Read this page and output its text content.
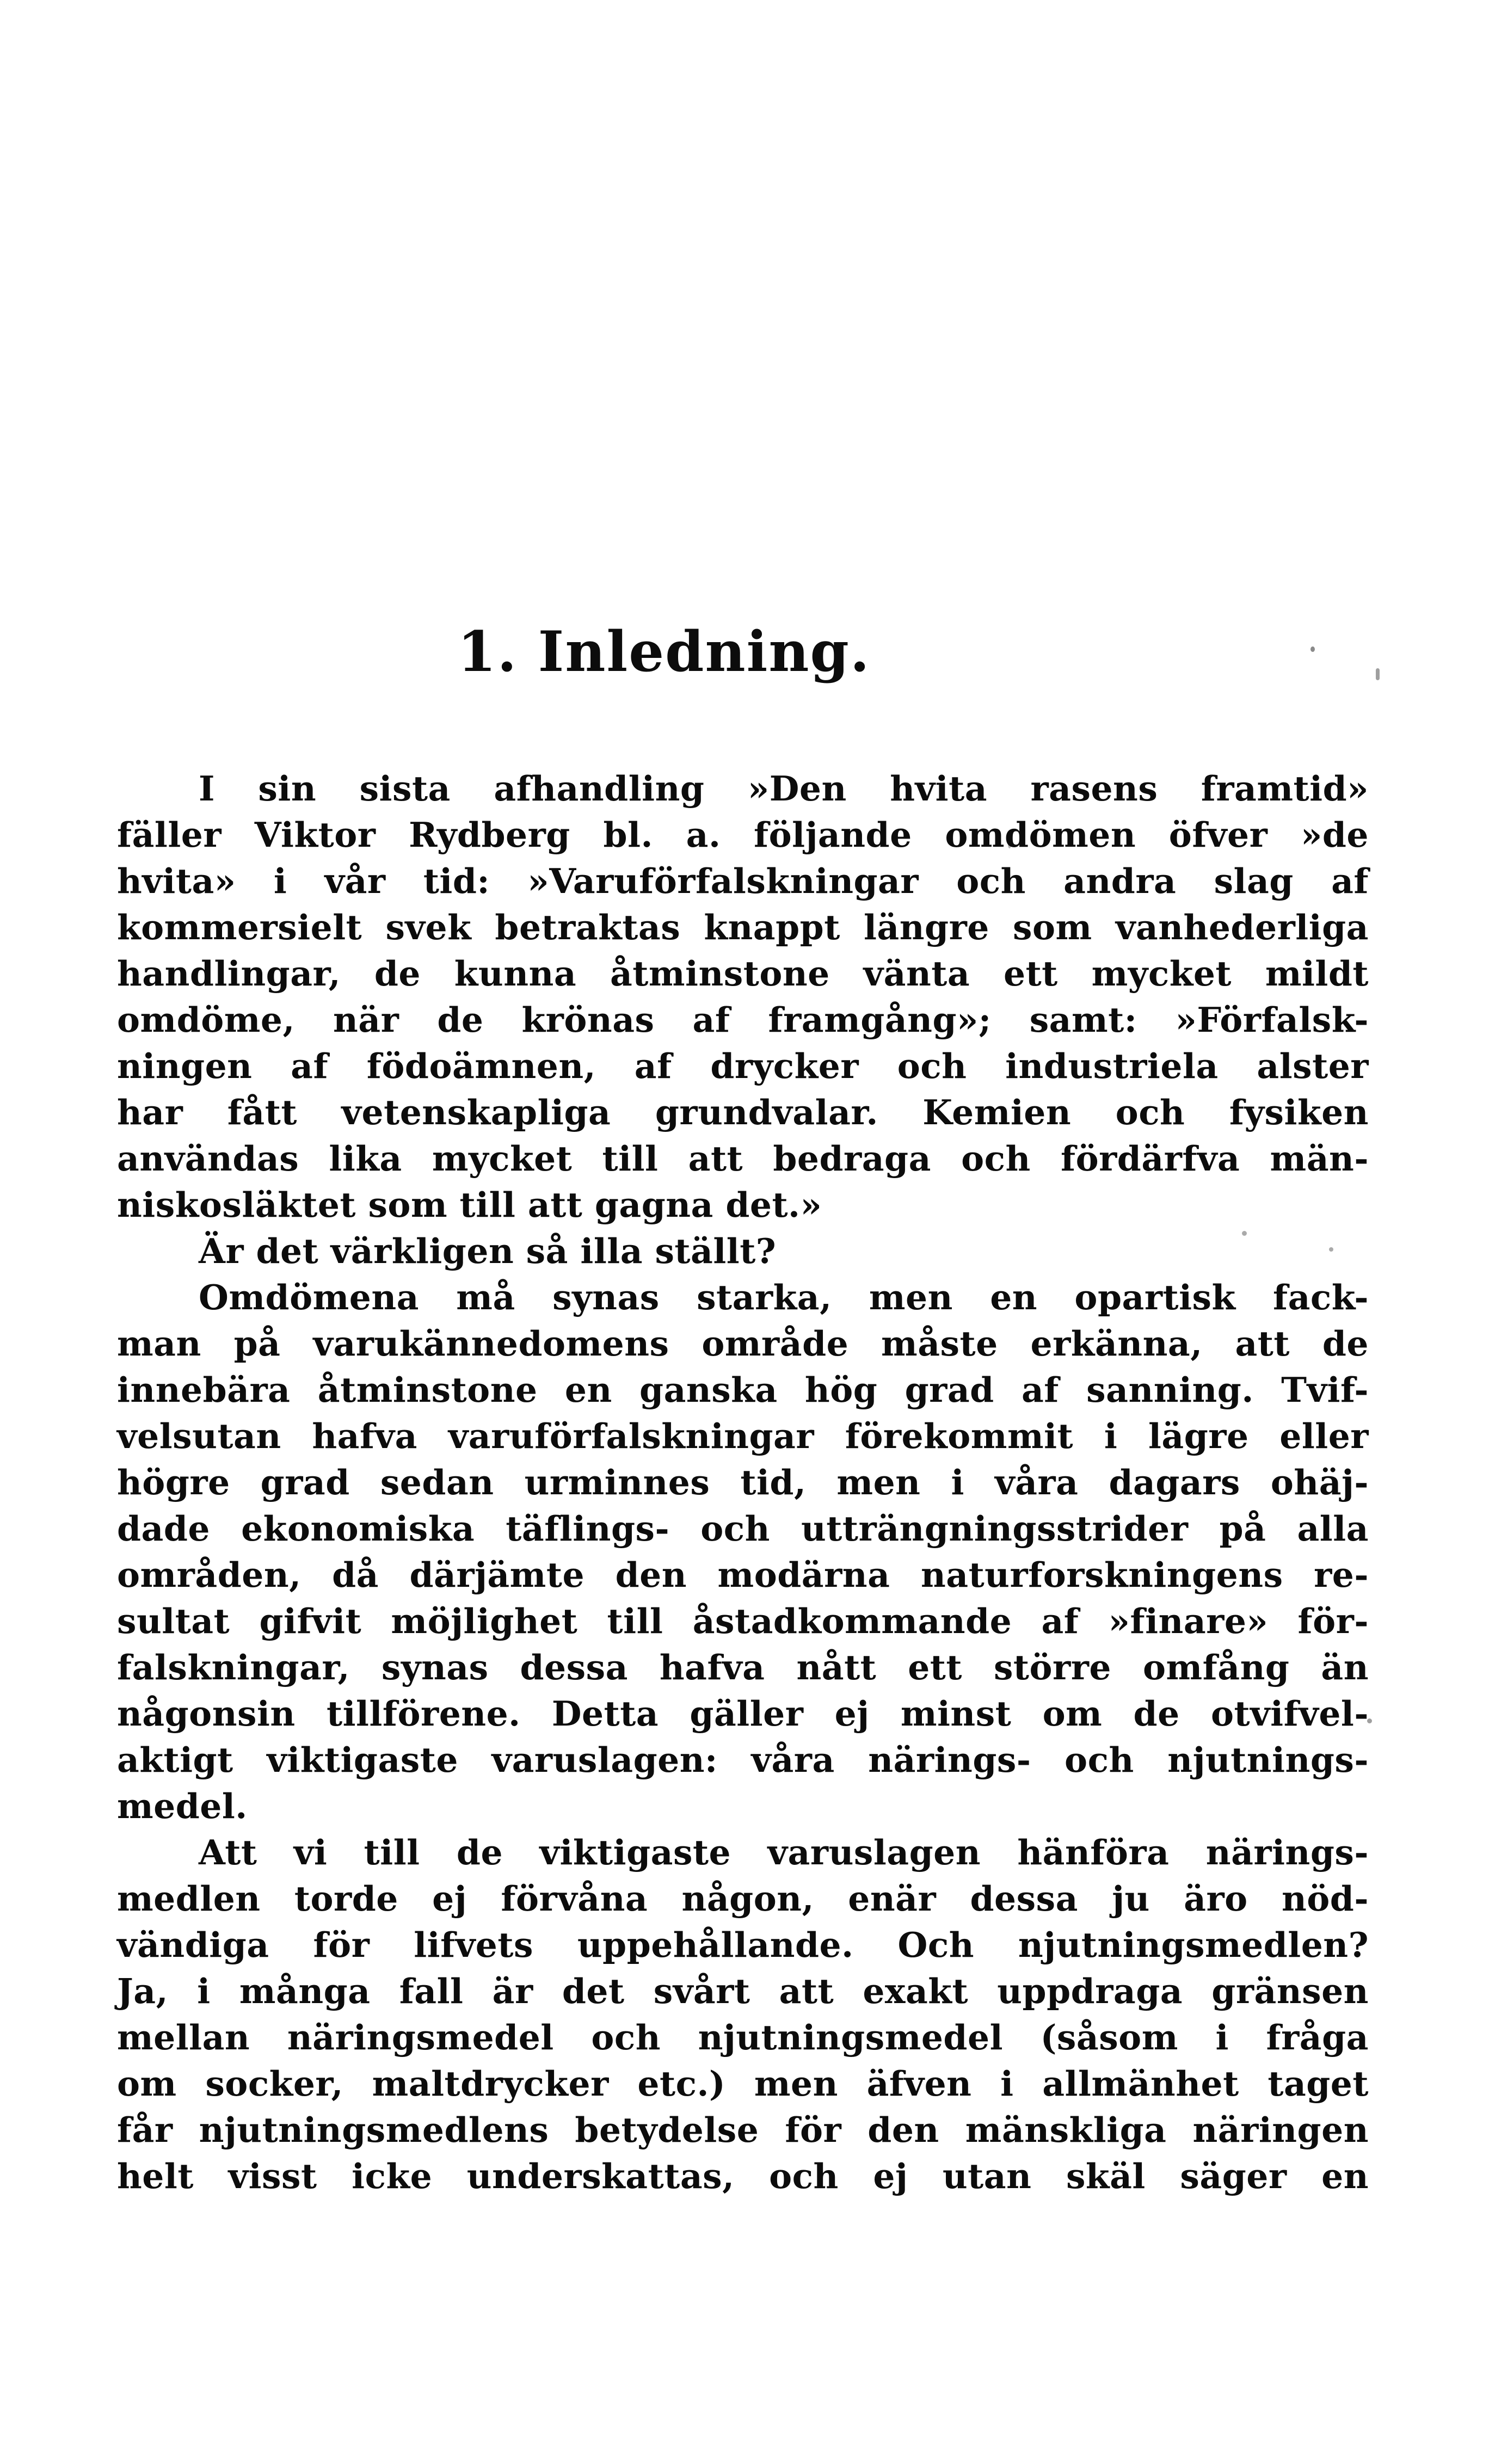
1. Inledning.
I sin sista afhandling »Den hvita rasens framtid»
fäller Viktor Rydberg bl. a. följande omdömen öfver »de
hvita» i vår tid: »Varuförfalskningar och andra slag af
kommersielt svek betraktas knappt längre som vanhederliga
handlingar, de kunna åtminstone vänta ett mycket mildt
omdöme, när de krönas af framgång»; samt: »Förfalsk-
ningen af födoämnen, af drycker och industriela alster
har fått vetenskapliga grundvalar. Kemien och fysiken
användas lika mycket till att bedraga och fördärfva män-
niskosläktet som till att gagna det.»
Är det värkligen så illa ställt?
Omdömena må synas starka, men en opartisk fack-
man på varukännedomens område måste erkänna, att de
innebära åtminstone en ganska hög grad af sanning. Tvif-
velsutan hafva varuförfalskningar förekommit i lägre eller
högre grad sedan urminnes tid, men i våra dagars ohäj-
dade ekonomiska täflings- och utträngningsstrider på alla
områden, då därjämte den modärna naturforskningens re-
sultat gifvit möjlighet till åstadkommande af »finare» för-
falskningar, synas dessa hafva nått ett större omfång än
någonsin tillförene. Detta gäller ej minst om de otvifvel-
aktigt viktigaste varuslagen: våra närings- och njutnings-
medel.
Att vi till de viktigaste varuslagen hänföra närings-
medlen torde ej förvåna någon, enär dessa ju äro nöd-
vändiga för lifvets uppehållande. Och njutningsmedlen?
Ja, i många fall är det svårt att exakt uppdraga gränsen
mellan näringsmedel och njutningsmedel (såsom i fråga
om socker, maltdrycker etc.) men äfven i allmänhet taget
får njutningsmedlens betydelse för den mänskliga näringen
helt visst icke underskattas, och ej utan skäl säger en
